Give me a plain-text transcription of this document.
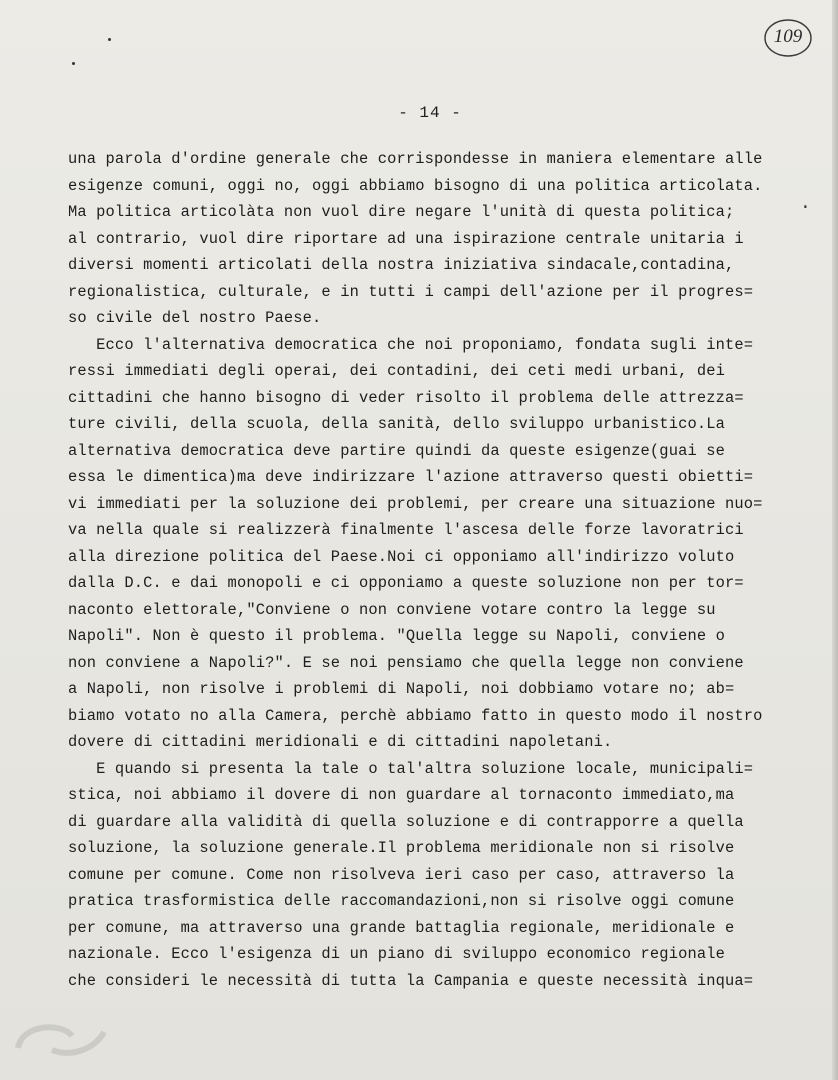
109
- 14 -
.
una parola d'ordine generale che corrispondesse in maniera elementare alle
esigenze comuni, oggi no, oggi abbiamo bisogno di una politica articolata.
Ma politica articolàta non vuol dire negare l'unità di questa politica;
al contrario, vuol dire riportare ad una ispirazione centrale unitaria i
diversi momenti articolati della nostra iniziativa sindacale,contadina,
regionalistica, culturale, e in tutti i campi dell'azione per il progres=
so civile del nostro Paese.
Ecco l'alternativa democratica che noi proponiamo, fondata sugli inte=
ressi immediati degli operai, dei contadini, dei ceti medi urbani, dei
cittadini che hanno bisogno di veder risolto il problema delle attrezza=
ture civili, della scuola, della sanità, dello sviluppo urbanistico.La
alternativa democratica deve partire quindi da queste esigenze(guai se
essa le dimentica)ma deve indirizzare l'azione attraverso questi obietti=
vi immediati per la soluzione dei problemi, per creare una situazione nuo=
va nella quale si realizzerà finalmente l'ascesa delle forze lavoratrici
alla direzione politica del Paese.Noi ci opponiamo all'indirizzo voluto
dalla D.C. e dai monopoli e ci opponiamo a queste soluzione non per tor=
naconto elettorale,"Conviene o non conviene votare contro la legge su
Napoli". Non è questo il problema. "Quella legge su Napoli, conviene o
non conviene a Napoli?". E se noi pensiamo che quella legge non conviene
a Napoli, non risolve i problemi di Napoli, noi dobbiamo votare no; ab=
biamo votato no alla Camera, perchè abbiamo fatto in questo modo il nostro
dovere di cittadini meridionali e di cittadini napoletani.
E quando si presenta la tale o tal'altra soluzione locale, municipali=
stica, noi abbiamo il dovere di non guardare al tornaconto immediato,ma
di guardare alla validità di quella soluzione e di contrapporre a quella
soluzione, la soluzione generale.Il problema meridionale non si risolve
comune per comune. Come non risolveva ieri caso per caso, attraverso la
pratica trasformistica delle raccomandazioni,non si risolve oggi comune
per comune, ma attraverso una grande battaglia regionale, meridionale e
nazionale. Ecco l'esigenza di un piano di sviluppo economico regionale
che consideri le necessità di tutta la Campania e queste necessità inqua=
